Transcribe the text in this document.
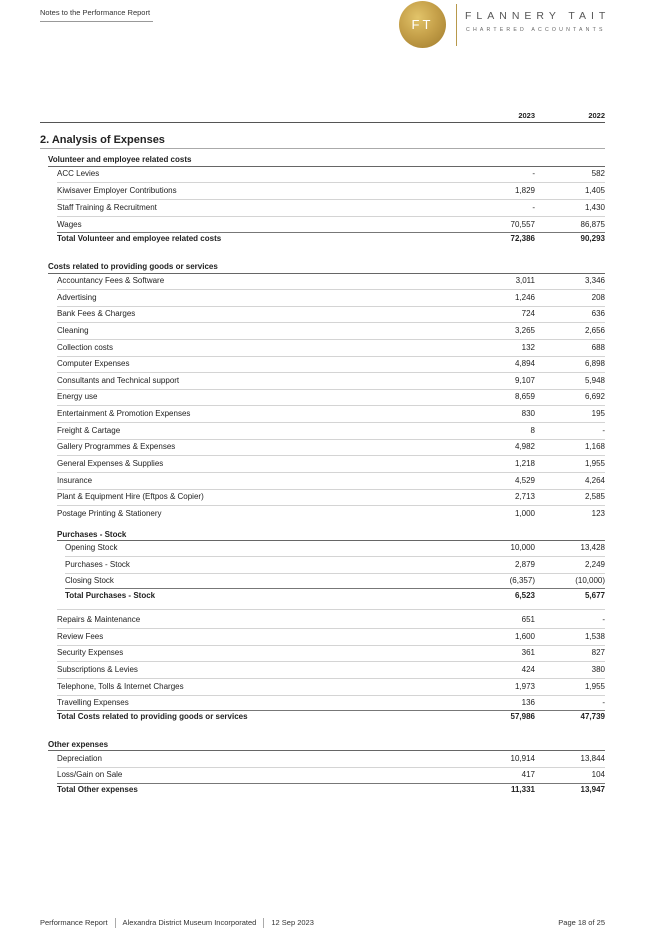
Notes to the Performance Report
FT
FLANNERY TAIT
CHARTERED ACCOUNTANTS
2023	2022
2. Analysis of Expenses
Volunteer and employee related costs
ACC Levies	-	582
Kiwisaver Employer Contributions	1,829	1,405
Staff Training & Recruitment	-	1,430
Wages	70,557	86,875
Total Volunteer and employee related costs	72,386	90,293
Costs related to providing goods or services
Accountancy Fees & Software	3,011	3,346
Advertising	1,246	208
Bank Fees & Charges	724	636
Cleaning	3,265	2,656
Collection costs	132	688
Computer Expenses	4,894	6,898
Consultants and Technical support	9,107	5,948
Energy use	8,659	6,692
Entertainment & Promotion Expenses	830	195
Freight & Cartage	8	-
Gallery Programmes & Expenses	4,982	1,168
General Expenses & Supplies	1,218	1,955
Insurance	4,529	4,264
Plant & Equipment Hire (Eftpos & Copier)	2,713	2,585
Postage Printing & Stationery	1,000	123
Purchases - Stock
Opening Stock	10,000	13,428
Purchases - Stock	2,879	2,249
Closing Stock	(6,357)	(10,000)
Total Purchases - Stock	6,523	5,677
Repairs & Maintenance	651	-
Review Fees	1,600	1,538
Security Expenses	361	827
Subscriptions & Levies	424	380
Telephone, Tolls & Internet Charges	1,973	1,955
Travelling Expenses	136	-
Total Costs related to providing goods or services	57,986	47,739
Other expenses
Depreciation	10,914	13,844
Loss/Gain on Sale	417	104
Total Other expenses	11,331	13,947
Performance Report Alexandra District Museum Incorporated 12 Sep 2023	Page 18 of 25
